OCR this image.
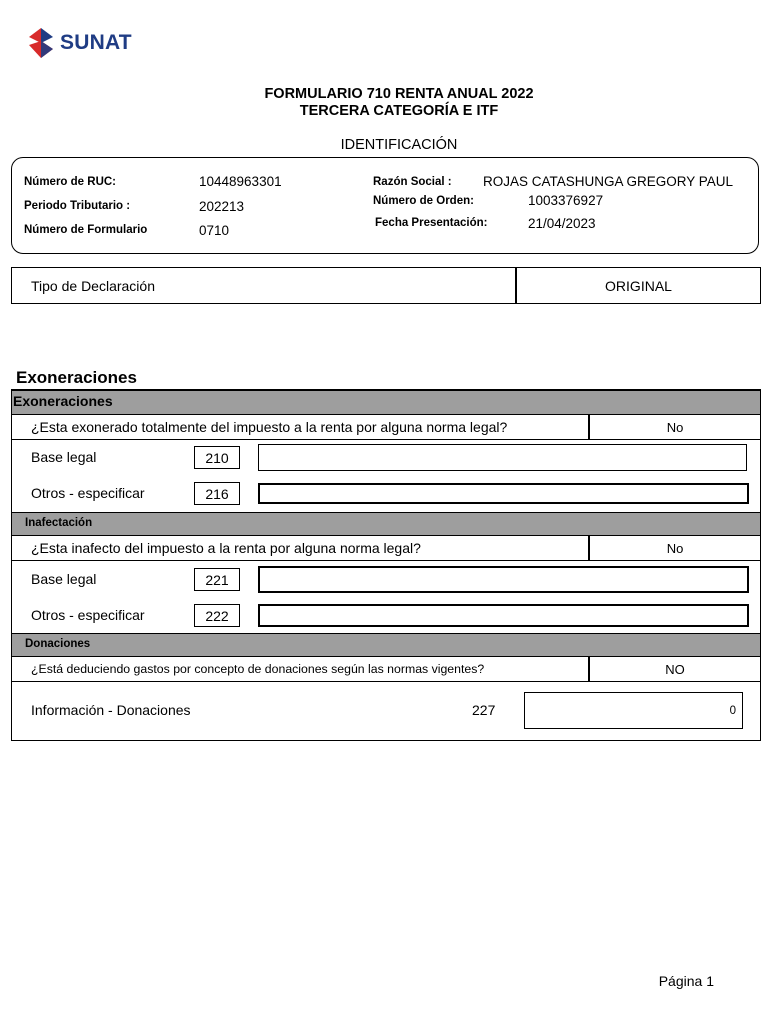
SUNAT
FORMULARIO 710 RENTA ANUAL 2022
TERCERA CATEGORÍA E ITF
IDENTIFICACIÓN
Número de RUC:	10448963301
Periodo Tributario :	202213
Número de Formulario	0710
Razón Social : ROJAS CATASHUNGA GREGORY PAUL
Número de Orden:	1003376927
Fecha Presentación:	21/04/2023
Tipo de Declaración	ORIGINAL
Exoneraciones
Exoneraciones
¿Esta exonerado totalmente del impuesto a la renta por alguna norma legal?	No
Base legal	210
Otros - especificar	216
Inafectación
¿Esta inafecto del impuesto a la renta por alguna norma legal?	No
Base legal	221
Otros - especificar	222
Donaciones
¿Está deduciendo gastos por concepto de donaciones según las normas vigentes?	NO
Información - Donaciones	227	0
Página 1
